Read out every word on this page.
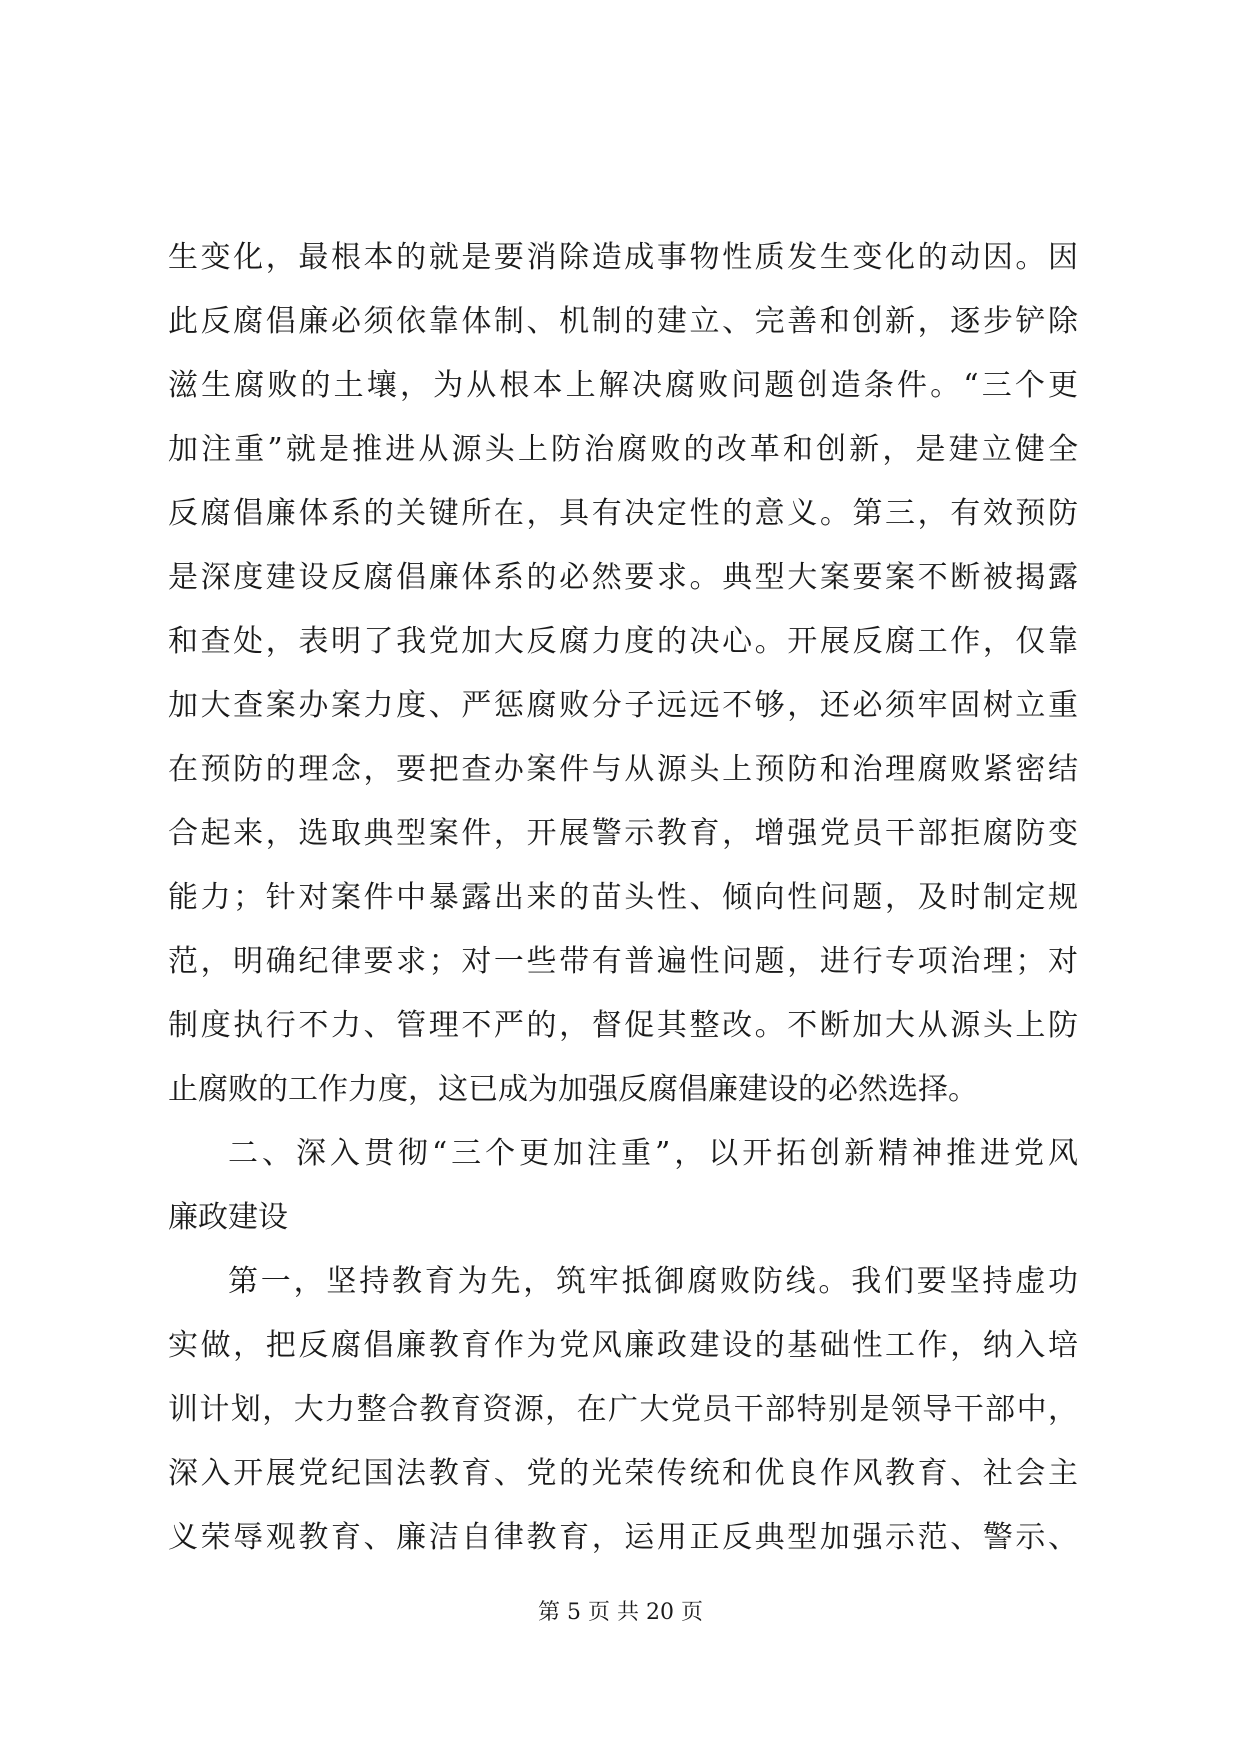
生变化，最根本的就是要消除造成事物性质发生变化的动因。因
此反腐倡廉必须依靠体制、机制的建立、完善和创新，逐步铲除
滋生腐败的土壤，为从根本上解决腐败问题创造条件。“三个更
加注重”就是推进从源头上防治腐败的改革和创新，是建立健全
反腐倡廉体系的关键所在，具有决定性的意义。第三，有效预防
是深度建设反腐倡廉体系的必然要求。典型大案要案不断被揭露
和查处，表明了我党加大反腐力度的决心。开展反腐工作，仅靠
加大查案办案力度、严惩腐败分子远远不够，还必须牢固树立重
在预防的理念，要把查办案件与从源头上预防和治理腐败紧密结
合起来，选取典型案件，开展警示教育，增强党员干部拒腐防变
能力；针对案件中暴露出来的苗头性、倾向性问题，及时制定规
范，明确纪律要求；对一些带有普遍性问题，进行专项治理；对
制度执行不力、管理不严的，督促其整改。不断加大从源头上防
止腐败的工作力度，这已成为加强反腐倡廉建设的必然选择。
二、深入贯彻“三个更加注重”，以开拓创新精神推进党风
廉政建设
第一，坚持教育为先，筑牢抵御腐败防线。我们要坚持虚功
实做，把反腐倡廉教育作为党风廉政建设的基础性工作，纳入培
训计划，大力整合教育资源，在广大党员干部特别是领导干部中，
深入开展党纪国法教育、党的光荣传统和优良作风教育、社会主
义荣辱观教育、廉洁自律教育，运用正反典型加强示范、警示、
第 5 页 共 20 页
